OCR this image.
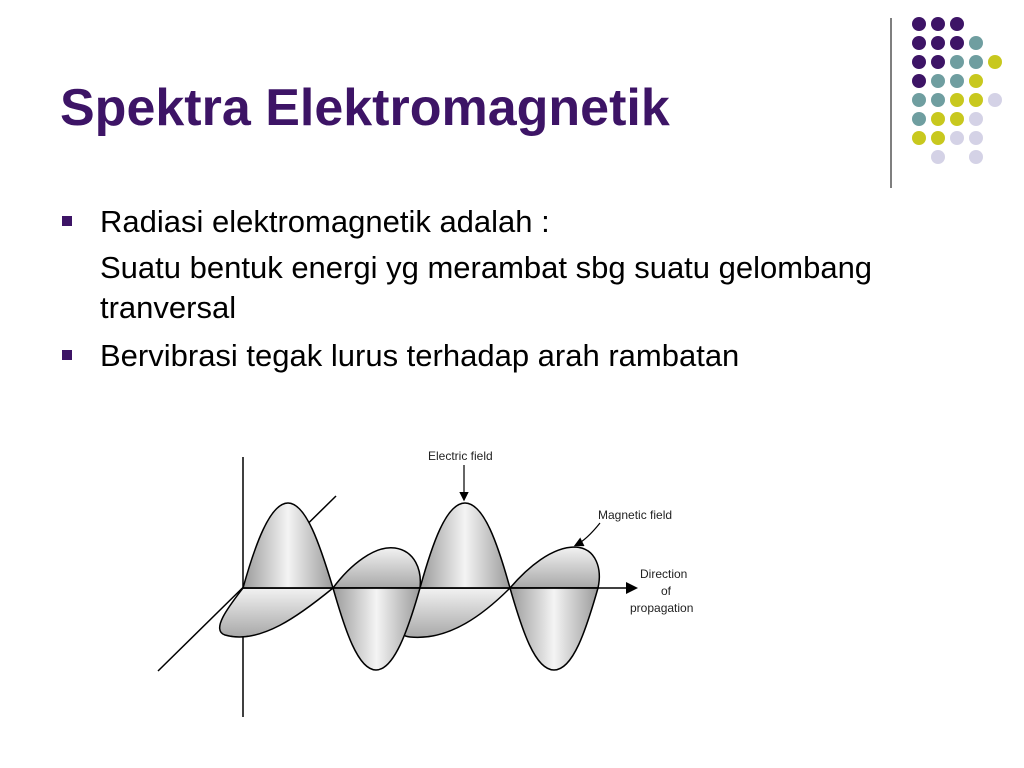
Spektra Elektromagnetik
Radiasi elektromagnetik adalah :
Suatu bentuk energi yg merambat sbg suatu gelombang tranversal
Bervibrasi tegak lurus terhadap arah rambatan
Electric field
Magnetic field
Direction
of
propagation
